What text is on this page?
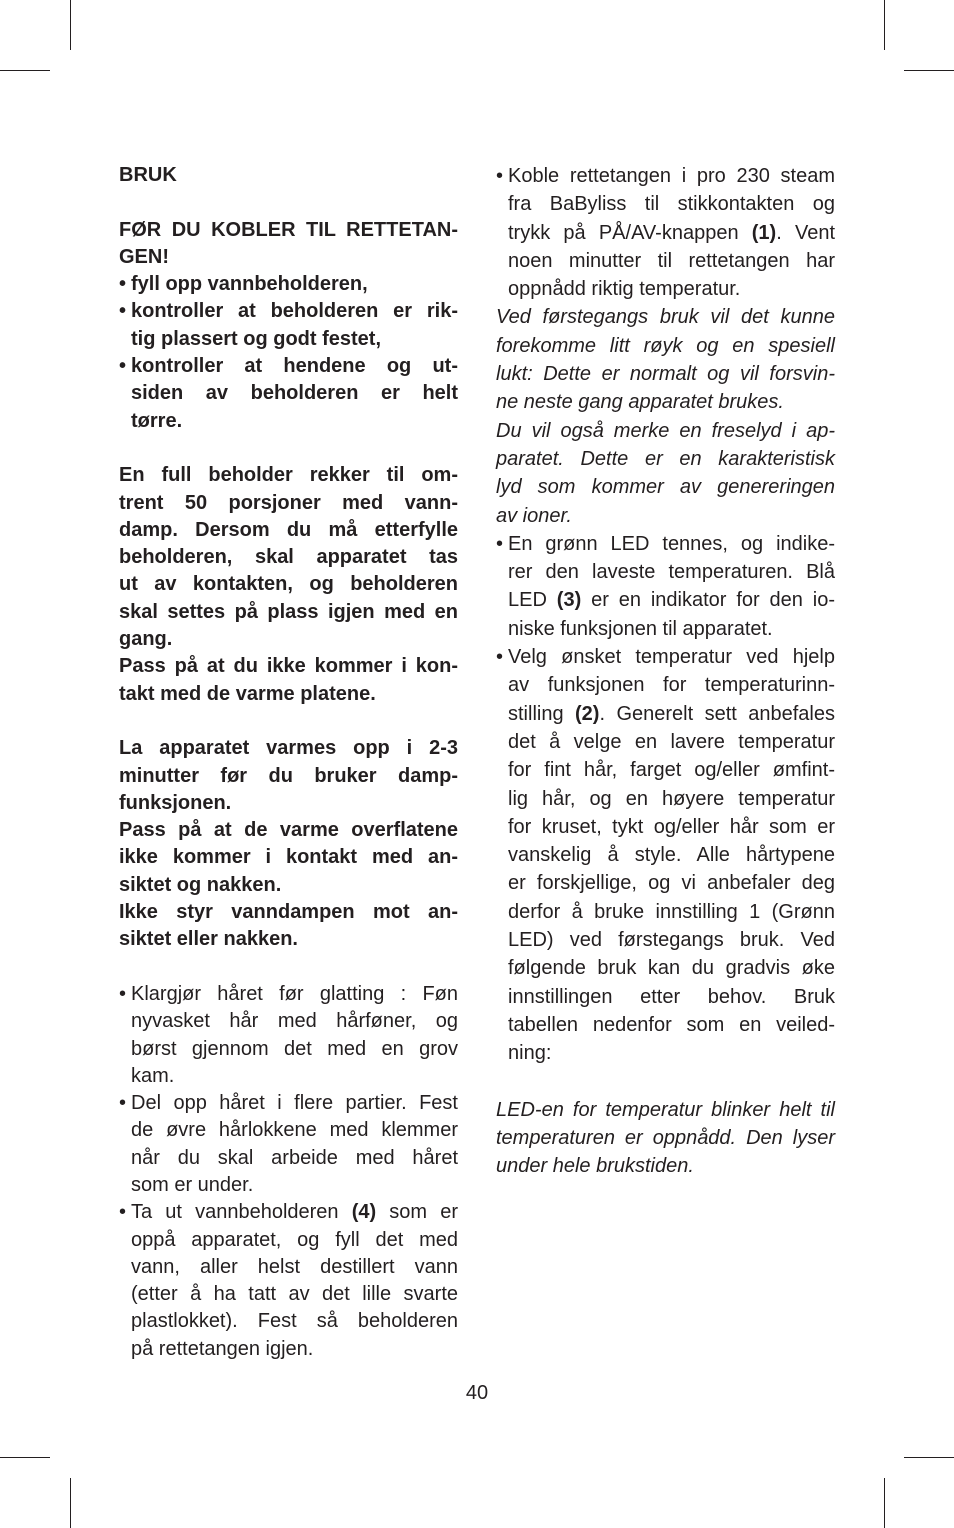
BRUK
FØR DU KOBLER TIL RETTETAN-
GEN!
• fyll opp vannbeholderen,
• kontroller at beholderen er rik-
tig plassert og godt festet,
• kontroller at hendene og ut-
siden av beholderen er helt
tørre.
En full beholder rekker til om-
trent 50 porsjoner med vann-
damp. Dersom du må etterfylle
beholderen, skal apparatet tas
ut av kontakten, og beholderen
skal settes på plass igjen med en
gang.
Pass på at du ikke kommer i kon-
takt med de varme platene.
La apparatet varmes opp i 2-3
minutter før du bruker damp-
funksjonen.
Pass på at de varme overflatene
ikke kommer i kontakt med an-
siktet og nakken.
Ikke styr vanndampen mot an-
siktet eller nakken.
• Klargjør håret før glatting : Føn
nyvasket hår med hårføner, og
børst gjennom det med en grov
kam.
• Del opp håret i flere partier. Fest
de øvre hårlokkene med klemmer
når du skal arbeide med håret
som er under.
• Ta ut vannbeholderen (4) som er
oppå apparatet, og fyll det med
vann, aller helst destillert vann
(etter å ha tatt av det lille svarte
plastlokket). Fest så beholderen
på rettetangen igjen.
• Koble rettetangen i pro 230 steam
fra BaByliss til stikkontakten og
trykk på PÅ/AV-knappen (1). Vent
noen minutter til rettetangen har
oppnådd riktig temperatur.
Ved førstegangs bruk vil det kunne
forekomme litt røyk og en spesiell
lukt: Dette er normalt og vil forsvin-
ne neste gang apparatet brukes.
Du vil også merke en freselyd i ap-
paratet. Dette er en karakteristisk
lyd som kommer av genereringen
av ioner.
• En grønn LED tennes, og indike-
rer den laveste temperaturen. Blå
LED (3) er en indikator for den io-
niske funksjonen til apparatet.
• Velg ønsket temperatur ved hjelp
av funksjonen for temperaturinn-
stilling (2). Generelt sett anbefales
det å velge en lavere temperatur
for fint hår, farget og/eller ømfint-
lig hår, og en høyere temperatur
for kruset, tykt og/eller hår som er
vanskelig å style. Alle hårtypene
er forskjellige, og vi anbefaler deg
derfor å bruke innstilling 1 (Grønn
LED) ved førstegangs bruk. Ved
følgende bruk kan du gradvis øke
innstillingen etter behov. Bruk
tabellen nedenfor som en veiled-
ning:
LED-en for temperatur blinker helt til
temperaturen er oppnådd. Den lyser
under hele brukstiden.
40
